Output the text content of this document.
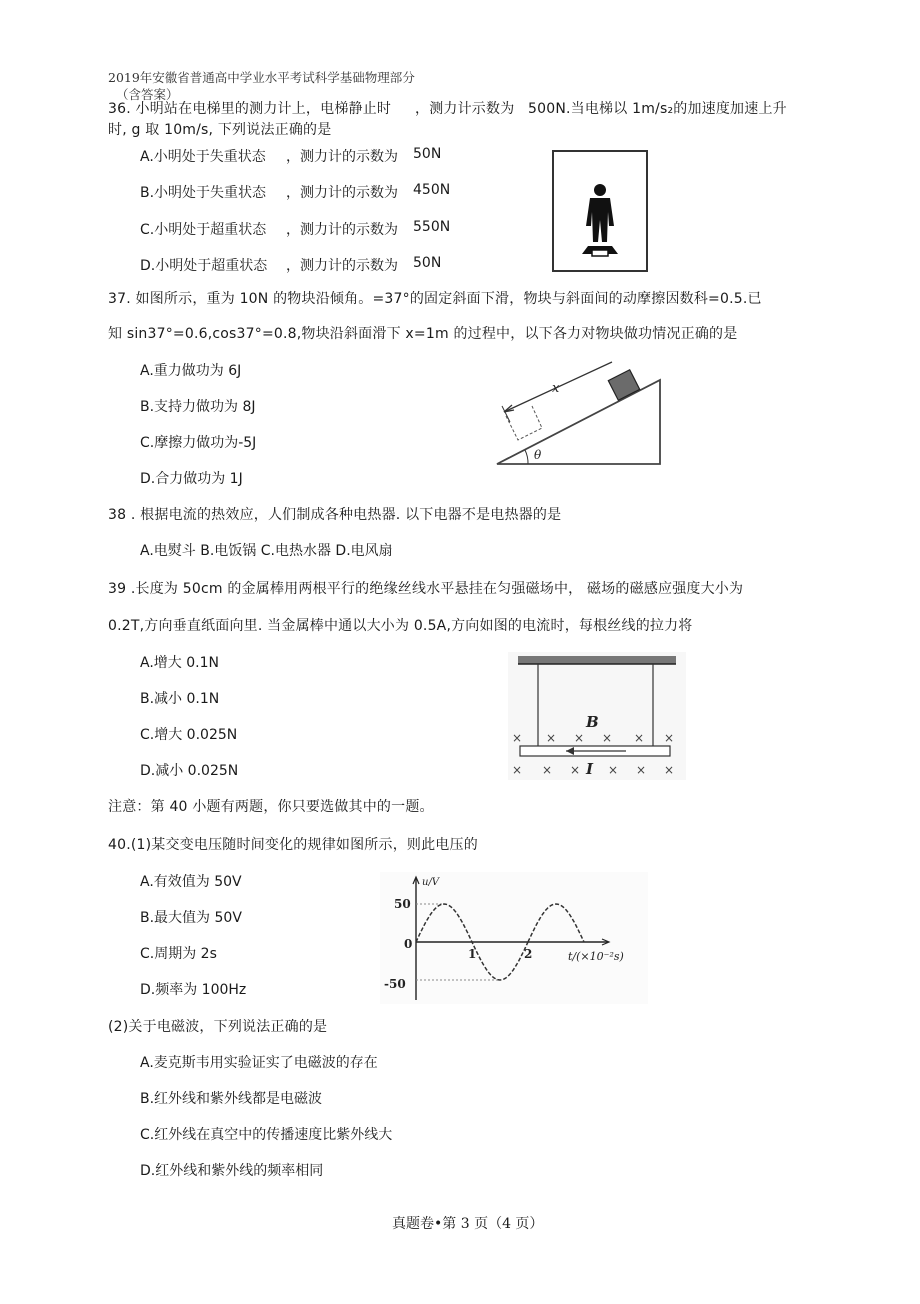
2019年安徽省普通高中学业水平考试科学基础物理部分
（含答案）
36. 小明站在电梯里的测力计上，电梯静止时 ，测力计示数为 500N.当电梯以 1m/s₂的加速度加速上升
时, g 取 10m/s, 下列说法正确的是
A.小明处于失重状态 ，测力计的示数为 50N
B.小明处于失重状态 ，测力计的示数为 450N
C.小明处于超重状态 ，测力计的示数为 550N
D.小明处于超重状态 ，测力计的示数为 50N
37. 如图所示，重为 10N 的物块沿倾角。=37°的固定斜面下滑，物块与斜面间的动摩擦因数科=0.5.已
知 sin37°=0.6,cos37°=0.8,物块沿斜面滑下 x=1m 的过程中，以下各力对物块做功情况正确的是
A.重力做功为 6J
B.支持力做功为 8J
C.摩擦力做功为-5J
D.合力做功为 1J
x
θ
38 . 根据电流的热效应，人们制成各种电热器. 以下电器不是电热器的是
A.电熨斗 B.电饭锅 C.电热水器 D.电风扇
39 .长度为 50cm 的金属棒用两根平行的绝缘丝线水平悬挂在匀强磁场中， 磁场的磁感应强度大小为
0.2T,方向垂直纸面向里. 当金属棒中通以大小为 0.5A,方向如图的电流时，每根丝线的拉力将
A.增大 0.1N
B.减小 0.1N
C.增大 0.025N
D.减小 0.025N
B
I
× × × × × ×
× × × × × ×
注意：第 40 小题有两题，你只要选做其中的一题。
40.(1)某交变电压随时间变化的规律如图所示，则此电压的
A.有效值为 50V
B.最大值为 50V
C.周期为 2s
D.频率为 100Hz
u/V
t/(×10⁻²s)
50
0
-50
1	2
(2)关于电磁波，下列说法正确的是
A.麦克斯韦用实验证实了电磁波的存在
B.红外线和紫外线都是电磁波
C.红外线在真空中的传播速度比紫外线大
D.红外线和紫外线的频率相同
真题卷•第 3 页（4 页）
